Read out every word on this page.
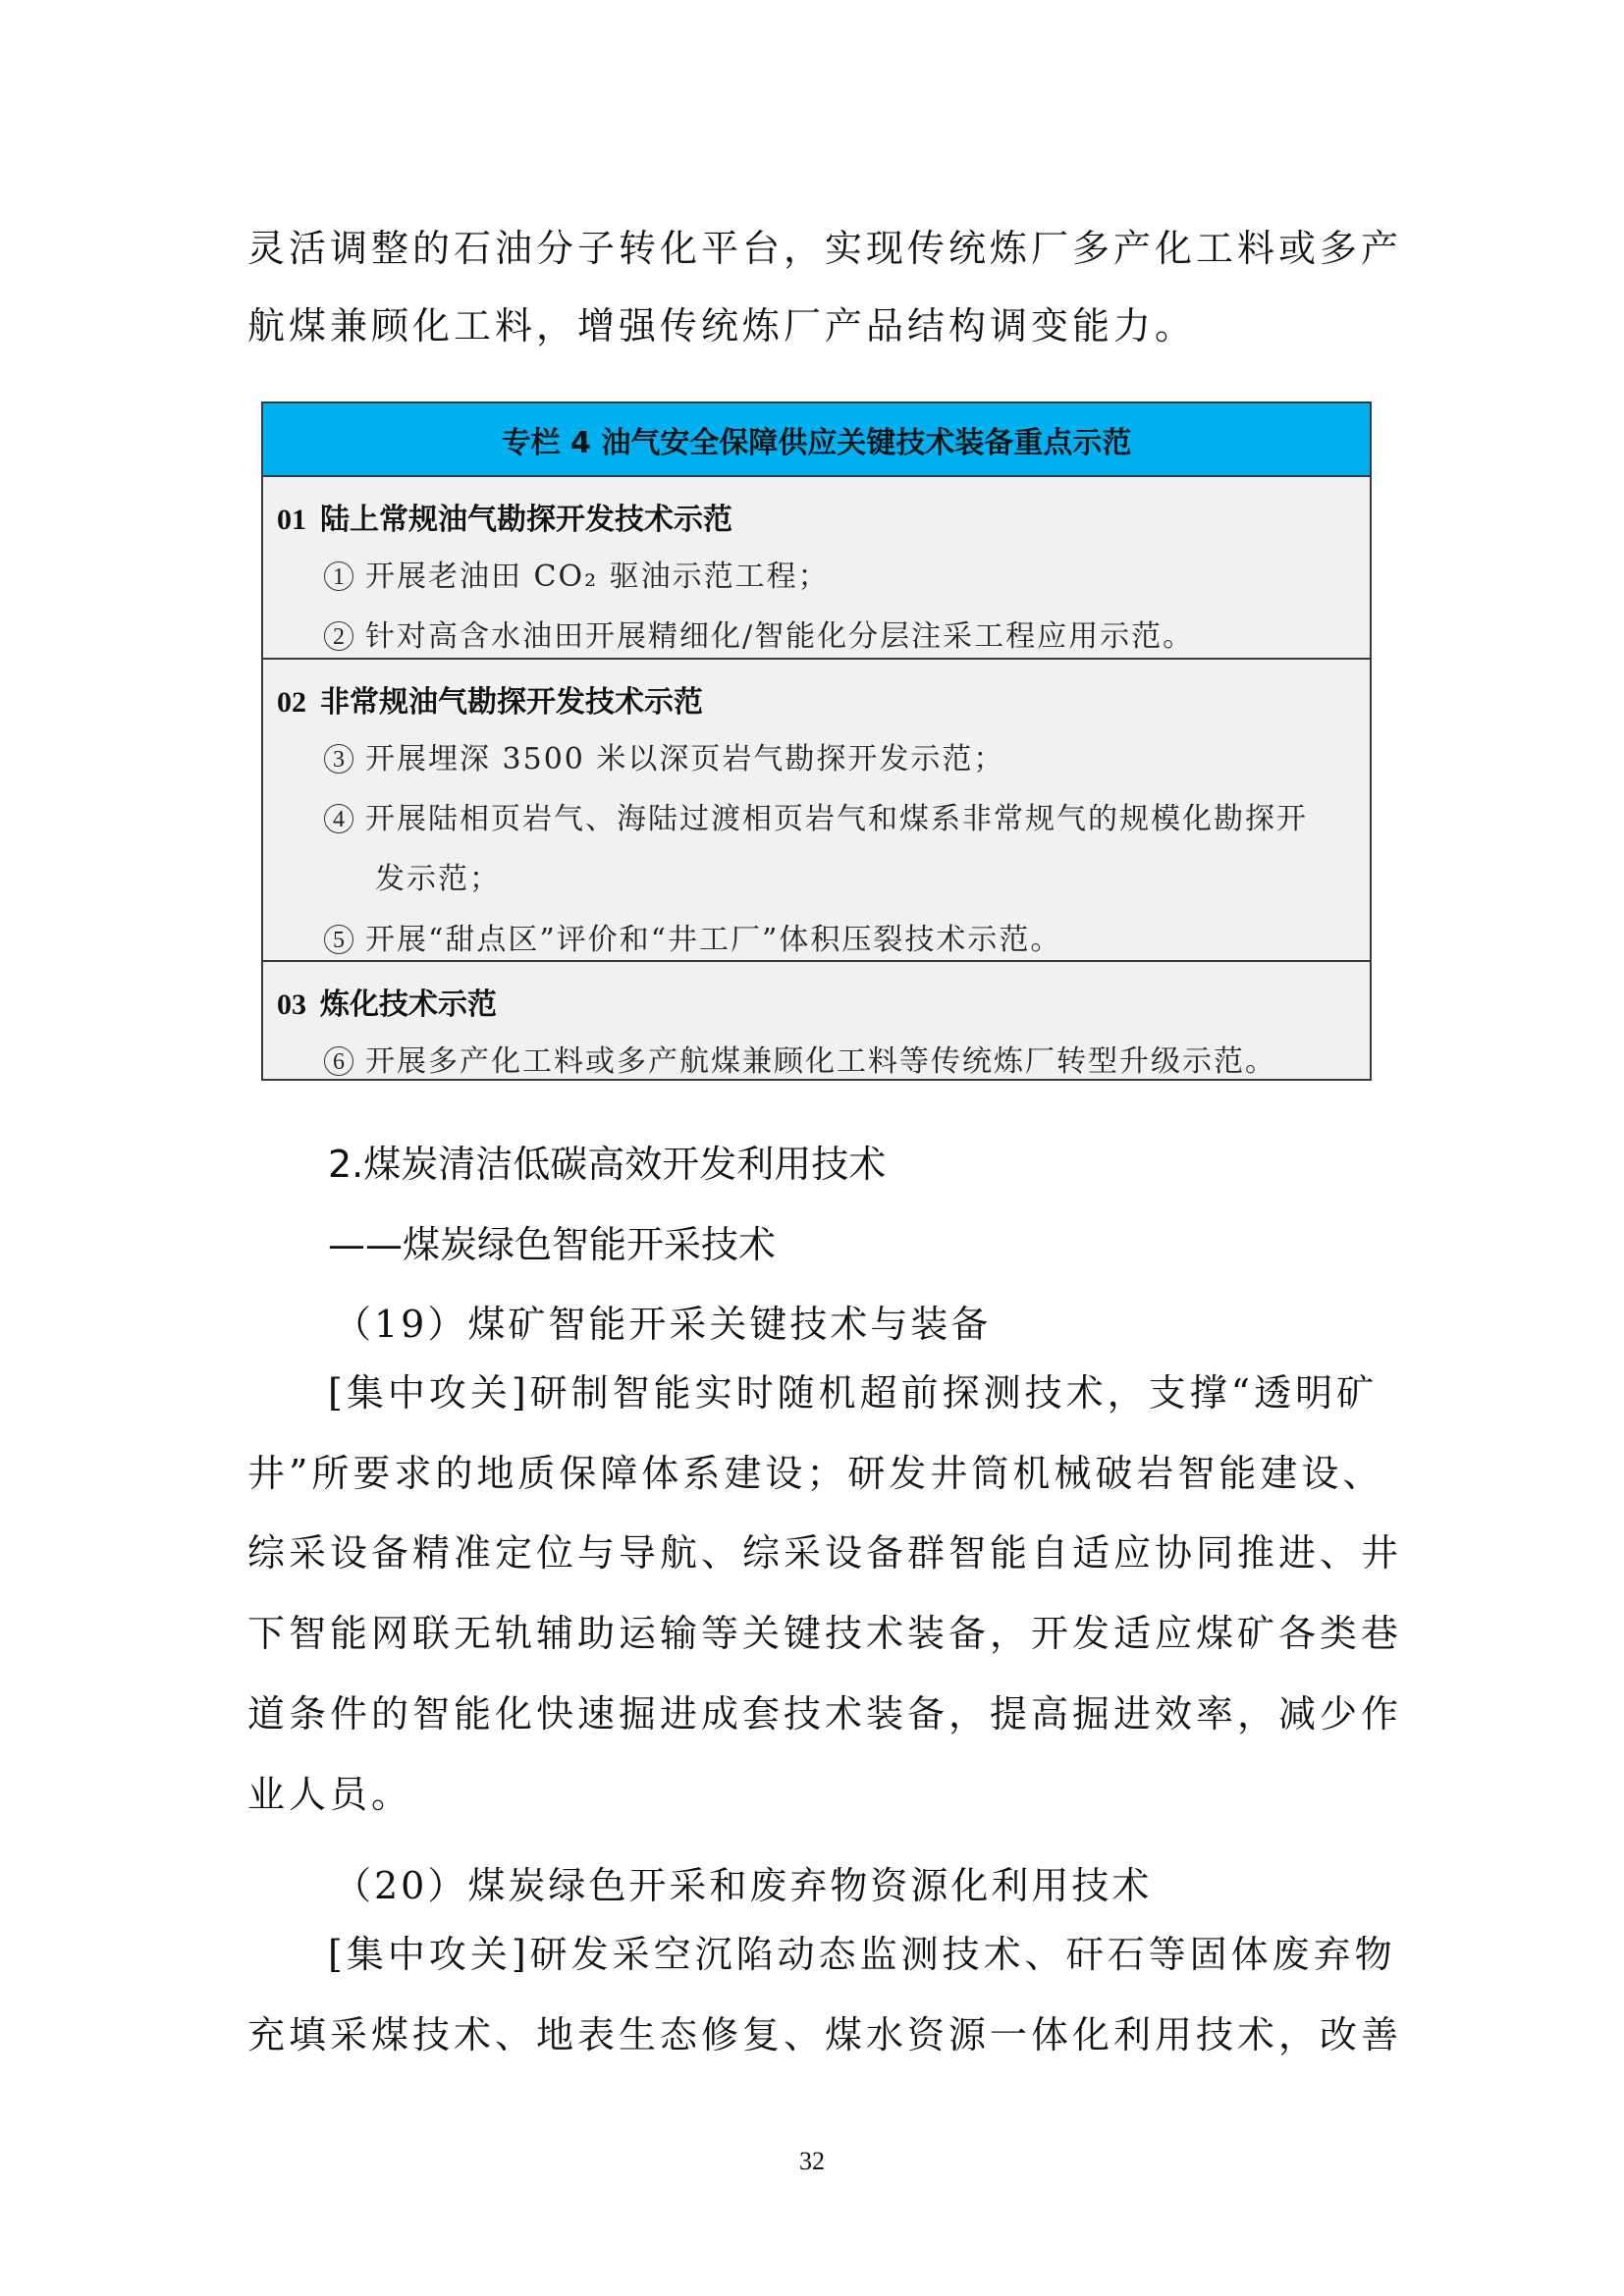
灵活调整的石油分子转化平台，实现传统炼厂多产化工料或多产
航煤兼顾化工料，增强传统炼厂产品结构调变能力。
专栏 4 油气安全保障供应关键技术装备重点示范
01 陆上常规油气勘探开发技术示范
1 开展老油田 CO₂ 驱油示范工程；
2 针对高含水油田开展精细化/智能化分层注采工程应用示范。
02 非常规油气勘探开发技术示范
3 开展埋深 3500 米以深页岩气勘探开发示范；
4 开展陆相页岩气、海陆过渡相页岩气和煤系非常规气的规模化勘探开
发示范；
5 开展“甜点区”评价和“井工厂”体积压裂技术示范。
03 炼化技术示范
6 开展多产化工料或多产航煤兼顾化工料等传统炼厂转型升级示范。
2.煤炭清洁低碳高效开发利用技术
——煤炭绿色智能开采技术
（19）煤矿智能开采关键技术与装备
[集中攻关]研制智能实时随机超前探测技术，支撑“透明矿
井”所要求的地质保障体系建设；研发井筒机械破岩智能建设、
综采设备精准定位与导航、综采设备群智能自适应协同推进、井
下智能网联无轨辅助运输等关键技术装备，开发适应煤矿各类巷
道条件的智能化快速掘进成套技术装备，提高掘进效率，减少作
业人员。
（20）煤炭绿色开采和废弃物资源化利用技术
[集中攻关]研发采空沉陷动态监测技术、矸石等固体废弃物
充填采煤技术、地表生态修复、煤水资源一体化利用技术，改善
32
